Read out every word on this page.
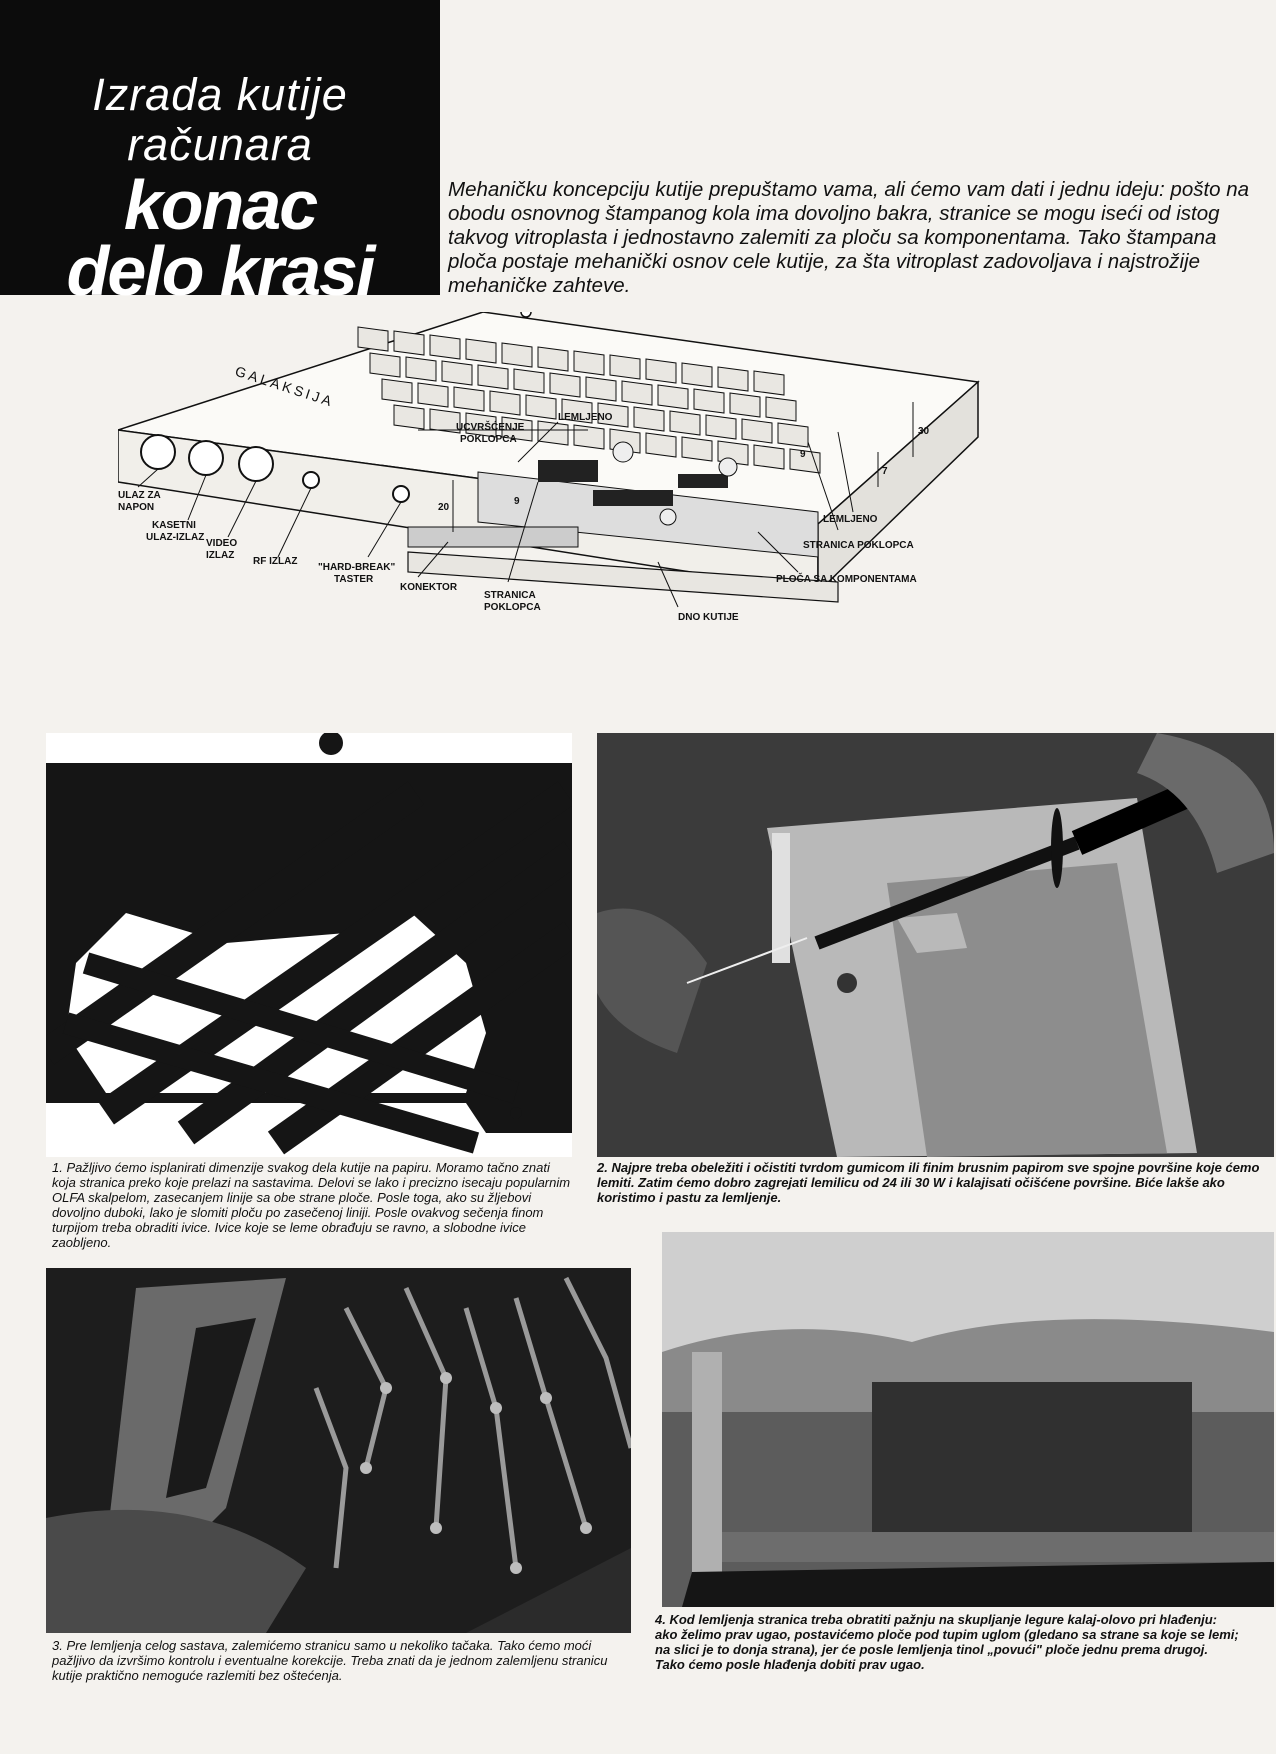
Izrada kutije
računara
konac
delo krasi
Mehaničku koncepciju kutije prepuštamo vama, ali ćemo vam dati i jednu ideju: pošto na obodu osnovnog štampanog kola ima dovoljno bakra, stranice se mogu iseći od istog takvog vitroplasta i jednostavno zalemiti za ploču sa komponentama. Tako štampana ploča postaje mehanički osnov cele kutije, za šta vitroplast zadovoljava i najstrožije mehaničke zahteve.
UCVRŠĆENJE
POKLOPCA
LEMLJENO
LEMLJENO
STRANICA POKLOPCA
PLOČA SA KOMPONENTAMA
DNO KUTIJE
STRANICA
POKLOPCA
KONEKTOR
"HARD-BREAK"
TASTER
RF IZLAZ
VIDEO
IZLAZ
KASETNI
ULAZ-IZLAZ
ULAZ ZA
NAPON
GALAKSIJA
30
7
9
9
20
1. Pažljivo ćemo isplanirati dimenzije svakog dela kutije na papiru. Moramo tačno znati koja stranica preko koje prelazi na sastavima. Delovi se lako i precizno isecaju popularnim OLFA skalpelom, zasecanjem linije sa obe strane ploče. Posle toga, ako su žljebovi dovoljno duboki, lako je slomiti ploču po zasečenoj liniji. Posle ovakvog sečenja finom turpijom treba obraditi ivice. Ivice koje se leme obrađuju se ravno, a slobodne ivice zaobljeno.
2. Najpre treba obeležiti i očistiti tvrdom gumicom ili finim brusnim papirom sve spojne površine koje ćemo lemiti. Zatim ćemo dobro zagrejati lemilicu od 24 ili 30 W i kalajisati očišćene površine. Biće lakše ako koristimo i pastu za lemljenje.
3. Pre lemljenja celog sastava, zalemićemo stranicu samo u nekoliko tačaka. Tako ćemo moći pažljivo da izvršimo kontrolu i eventualne korekcije. Treba znati da je jednom zalemljenu stranicu kutije praktično nemoguće razlemiti bez oštećenja.
4. Kod lemljenja stranica treba obratiti pažnju na skupljanje legure kalaj-olovo pri hlađenju: ako želimo prav ugao, postavićemo ploče pod tupim uglom (gledano sa strane sa koje se lemi; na slici je to donja strana), jer će posle lemljenja tinol „povući" ploče jednu prema drugoj. Tako ćemo posle hlađenja dobiti prav ugao.
